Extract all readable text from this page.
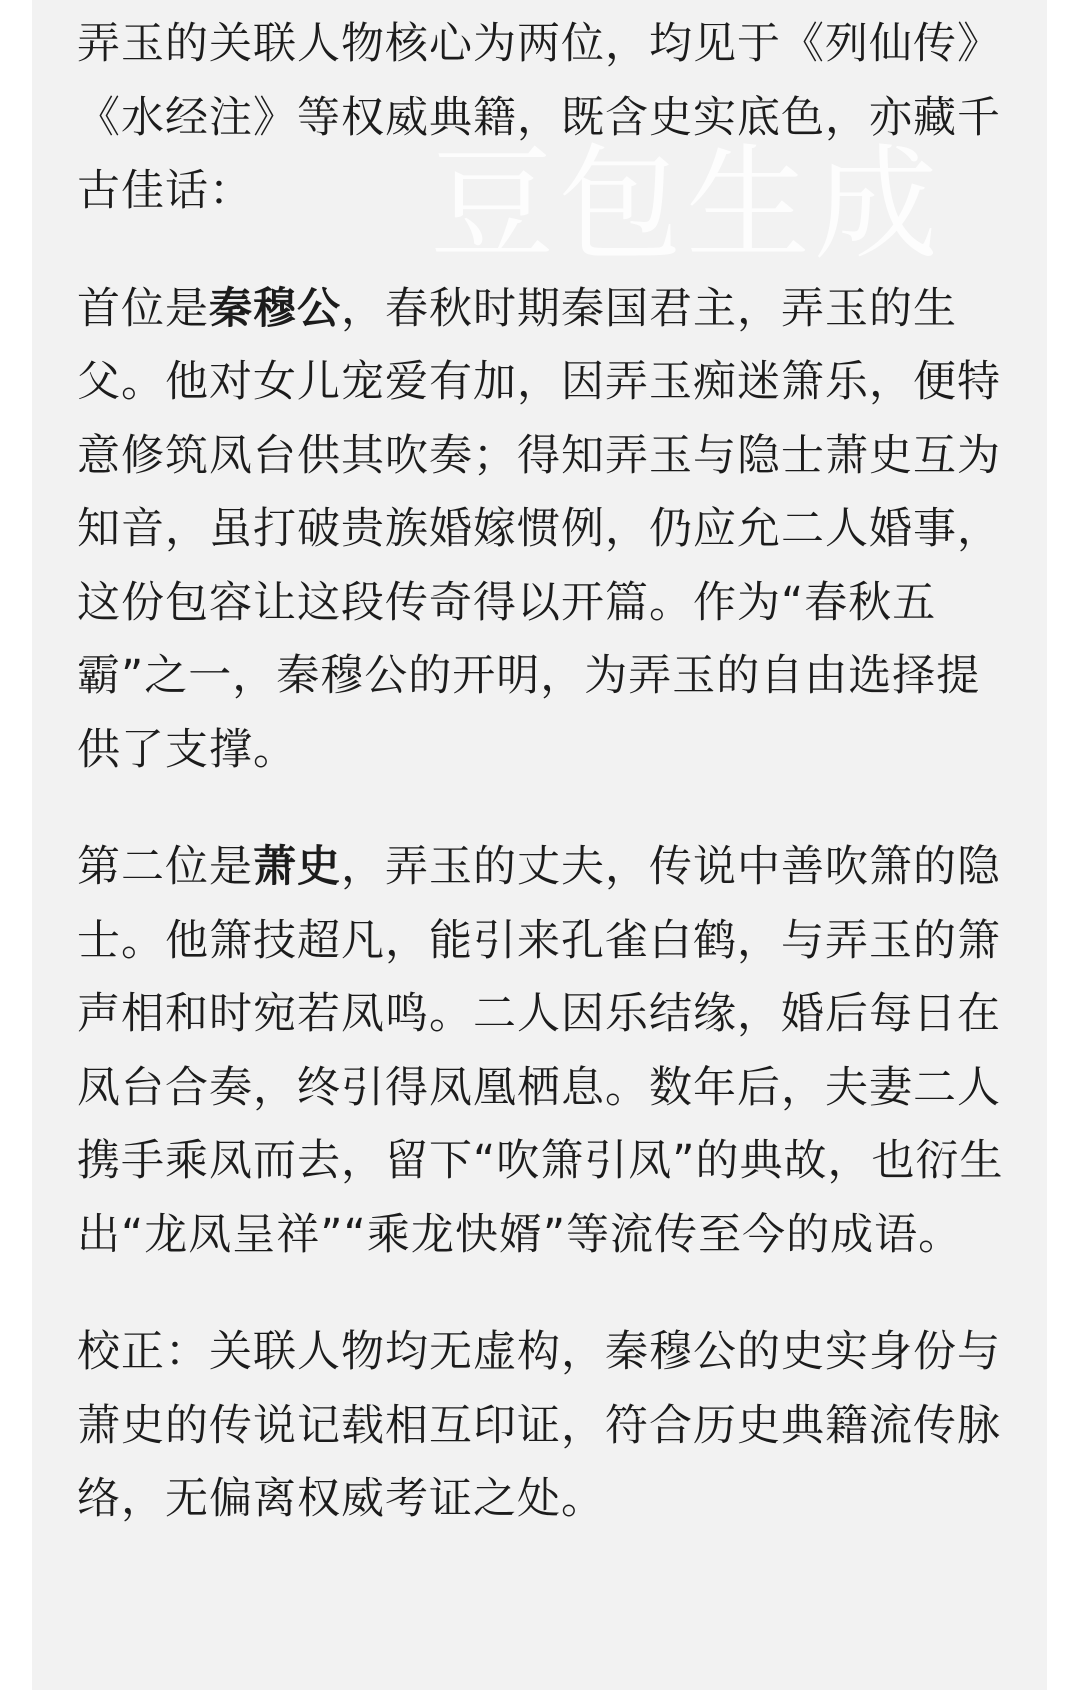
豆包生成

弄玉的关联人物核心为两位，均见于《列仙传》《水经注》等权威典籍，既含史实底色，亦藏千古佳话：

首位是秦穆公，春秋时期秦国君主，弄玉的生父。他对女儿宠爱有加，因弄玉痴迷箫乐，便特意修筑凤台供其吹奏；得知弄玉与隐士萧史互为知音，虽打破贵族婚嫁惯例，仍应允二人婚事，这份包容让这段传奇得以开篇。作为“春秋五霸”之一，秦穆公的开明，为弄玉的自由选择提供了支撑。

第二位是萧史，弄玉的丈夫，传说中善吹箫的隐士。他箫技超凡，能引来孔雀白鹤，与弄玉的箫声相和时宛若凤鸣。二人因乐结缘，婚后每日在凤台合奏，终引得凤凰栖息。数年后，夫妻二人携手乘凤而去，留下“吹箫引凤”的典故，也衍生出“龙凤呈祥”“乘龙快婿”等流传至今的成语。

校正：关联人物均无虚构，秦穆公的史实身份与萧史的传说记载相互印证，符合历史典籍流传脉络，无偏离权威考证之处。
